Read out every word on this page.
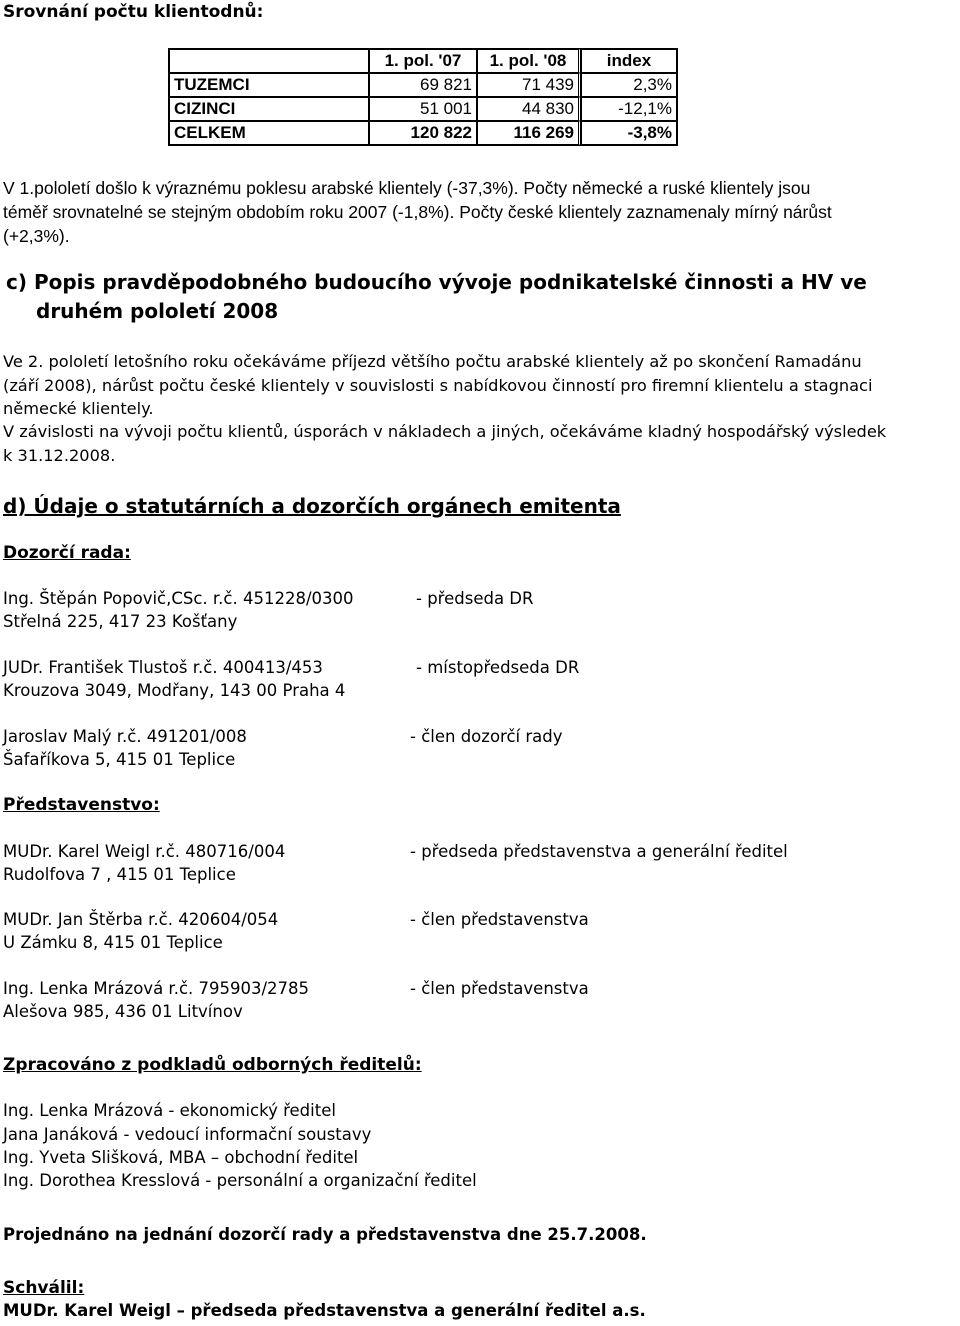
Srovnání počtu klientodnů:
	1. pol. '07	1. pol. '08	index
TUZEMCI	69 821	71 439	2,3%
CIZINCI	51 001	44 830	-12,1%
CELKEM	120 822	116 269	-3,8%
V 1.pololetí došlo k výraznému poklesu arabské klientely (-37,3%). Počty německé a ruské klientely jsou
téměř srovnatelné se stejným obdobím roku 2007 (-1,8%). Počty české klientely zaznamenaly mírný nárůst
(+2,3%).
c) Popis pravděpodobného budoucího vývoje podnikatelské činnosti a HV ve
druhém pololetí 2008
Ve 2. pololetí letošního roku očekáváme příjezd většího počtu arabské klientely až po skončení Ramadánu
(září 2008), nárůst počtu české klientely v souvislosti s nabídkovou činností pro firemní klientelu a stagnaci
německé klientely.
V závislosti na vývoji počtu klientů, úsporách v nákladech a jiných, očekáváme kladný hospodářský výsledek
k 31.12.2008.
d) Údaje o statutárních a dozorčích orgánech emitenta
Dozorčí rada:
Ing. Štěpán Popovič,CSc. r.č. 451228/0300
Střelná 225, 417 23 Košťany
- předseda DR
JUDr. František Tlustoš r.č. 400413/453
Krouzova 3049, Modřany, 143 00 Praha 4
- místopředseda DR
Jaroslav Malý r.č. 491201/008
Šafaříkova 5, 415 01 Teplice
- člen dozorčí rady
Představenstvo:
MUDr. Karel Weigl r.č. 480716/004
Rudolfova 7 , 415 01 Teplice
- předseda představenstva a generální ředitel
MUDr. Jan Štěrba r.č. 420604/054
U Zámku 8, 415 01 Teplice
- člen představenstva
Ing. Lenka Mrázová r.č. 795903/2785
Alešova 985, 436 01 Litvínov
- člen představenstva
Zpracováno z podkladů odborných ředitelů:
Ing. Lenka Mrázová - ekonomický ředitel
Jana Janáková - vedoucí informační soustavy
Ing. Yveta Slišková, MBA – obchodní ředitel
Ing. Dorothea Kresslová - personální a organizační ředitel
Projednáno na jednání dozorčí rady a představenstva dne 25.7.2008.
Schválil:
MUDr. Karel Weigl – předseda představenstva a generální ředitel a.s.
